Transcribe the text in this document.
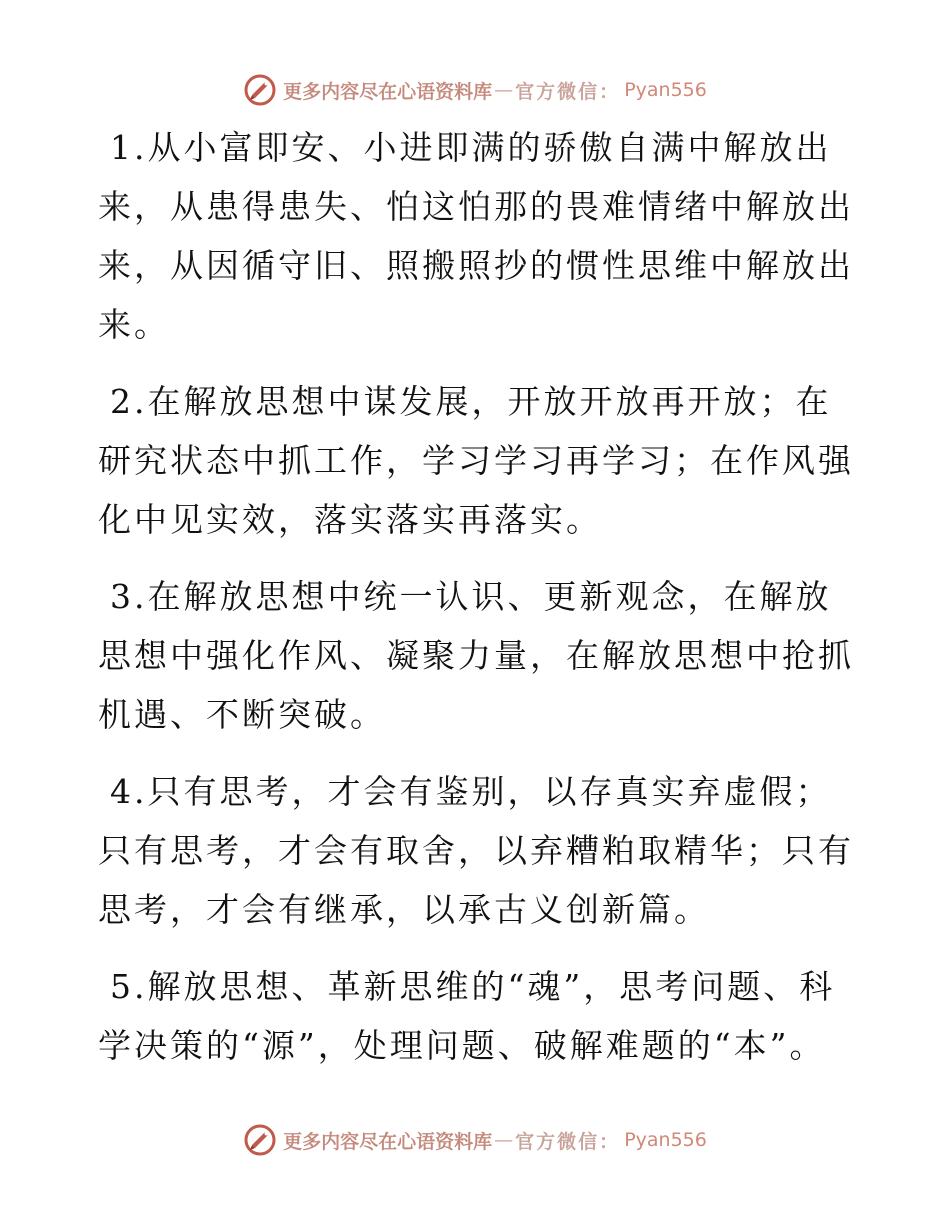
更多内容尽在心语资料库 — 官方微信： Pyan556

1.从小富即安、小进即满的骄傲自满中解放出来，从患得患失、怕这怕那的畏难情绪中解放出来，从因循守旧、照搬照抄的惯性思维中解放出来。

2.在解放思想中谋发展，开放开放再开放；在研究状态中抓工作，学习学习再学习；在作风强化中见实效，落实落实再落实。

3.在解放思想中统一认识、更新观念，在解放思想中强化作风、凝聚力量，在解放思想中抢抓机遇、不断突破。

4.只有思考，才会有鉴别，以存真实弃虚假；只有思考，才会有取舍，以弃糟粕取精华；只有思考，才会有继承，以承古义创新篇。

5.解放思想、革新思维的“魂”，思考问题、科学决策的“源”，处理问题、破解难题的“本”。

更多内容尽在心语资料库 — 官方微信： Pyan556
